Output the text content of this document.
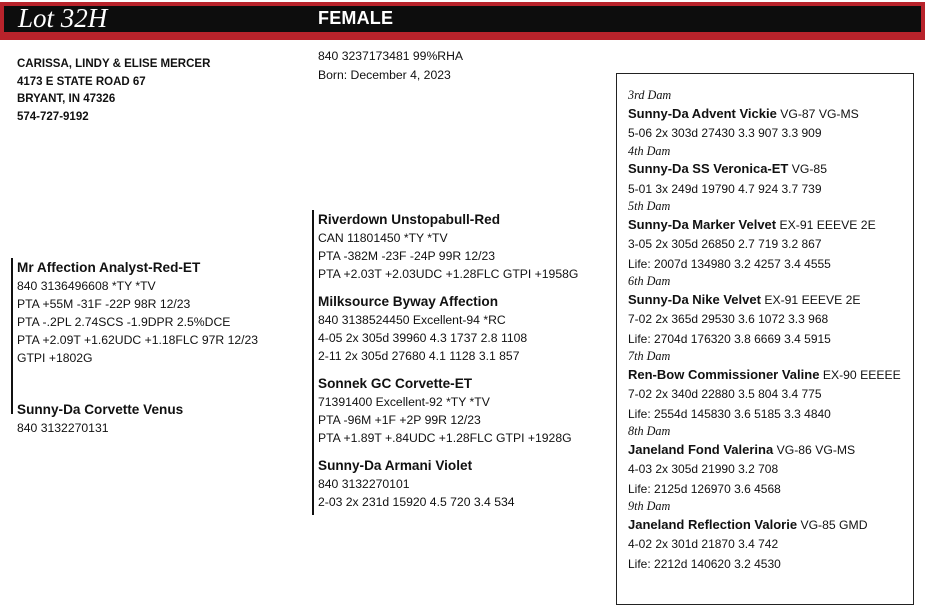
Lot 32H	FEMALE
840 3237173481 99%RHA
Born: December 4, 2023
CARISSA, LINDY & ELISE MERCER
4173 E STATE ROAD 67
BRYANT, IN 47326
574-727-9192
Mr Affection Analyst-Red-ET
840 3136496608 *TY *TV
PTA +55M -31F -22P 98R 12/23
PTA -.2PL 2.74SCS -1.9DPR 2.5%DCE
PTA +2.09T +1.62UDC +1.18FLC 97R 12/23
GTPI +1802G
Sunny-Da Corvette Venus
840 3132270131
Riverdown Unstopabull-Red
CAN 11801450 *TY *TV
PTA -382M -23F -24P 99R 12/23
PTA +2.03T +2.03UDC +1.28FLC GTPI +1958G
Milksource Byway Affection
840 3138524450 Excellent-94 *RC
4-05 2x 305d 39960 4.3 1737 2.8 1108
2-11 2x 305d 27680 4.1 1128 3.1 857
Sonnek GC Corvette-ET
71391400 Excellent-92 *TY *TV
PTA -96M +1F +2P 99R 12/23
PTA +1.89T +.84UDC +1.28FLC GTPI +1928G
Sunny-Da Armani Violet
840 3132270101
2-03 2x 231d 15920 4.5 720 3.4 534
3rd Dam
Sunny-Da Advent Vickie VG-87 VG-MS
5-06 2x 303d 27430 3.3 907 3.3 909
4th Dam
Sunny-Da SS Veronica-ET VG-85
5-01 3x 249d 19790 4.7 924 3.7 739
5th Dam
Sunny-Da Marker Velvet EX-91 EEEVE 2E
3-05 2x 305d 26850 2.7 719 3.2 867
Life: 2007d 134980 3.2 4257 3.4 4555
6th Dam
Sunny-Da Nike Velvet EX-91 EEEVE 2E
7-02 2x 365d 29530 3.6 1072 3.3 968
Life: 2704d 176320 3.8 6669 3.4 5915
7th Dam
Ren-Bow Commissioner Valine EX-90 EEEEE
7-02 2x 340d 22880 3.5 804 3.4 775
Life: 2554d 145830 3.6 5185 3.3 4840
8th Dam
Janeland Fond Valerina VG-86 VG-MS
4-03 2x 305d 21990 3.2 708
Life: 2125d 126970 3.6 4568
9th Dam
Janeland Reflection Valorie VG-85 GMD
4-02 2x 301d 21870 3.4 742
Life: 2212d 140620 3.2 4530
